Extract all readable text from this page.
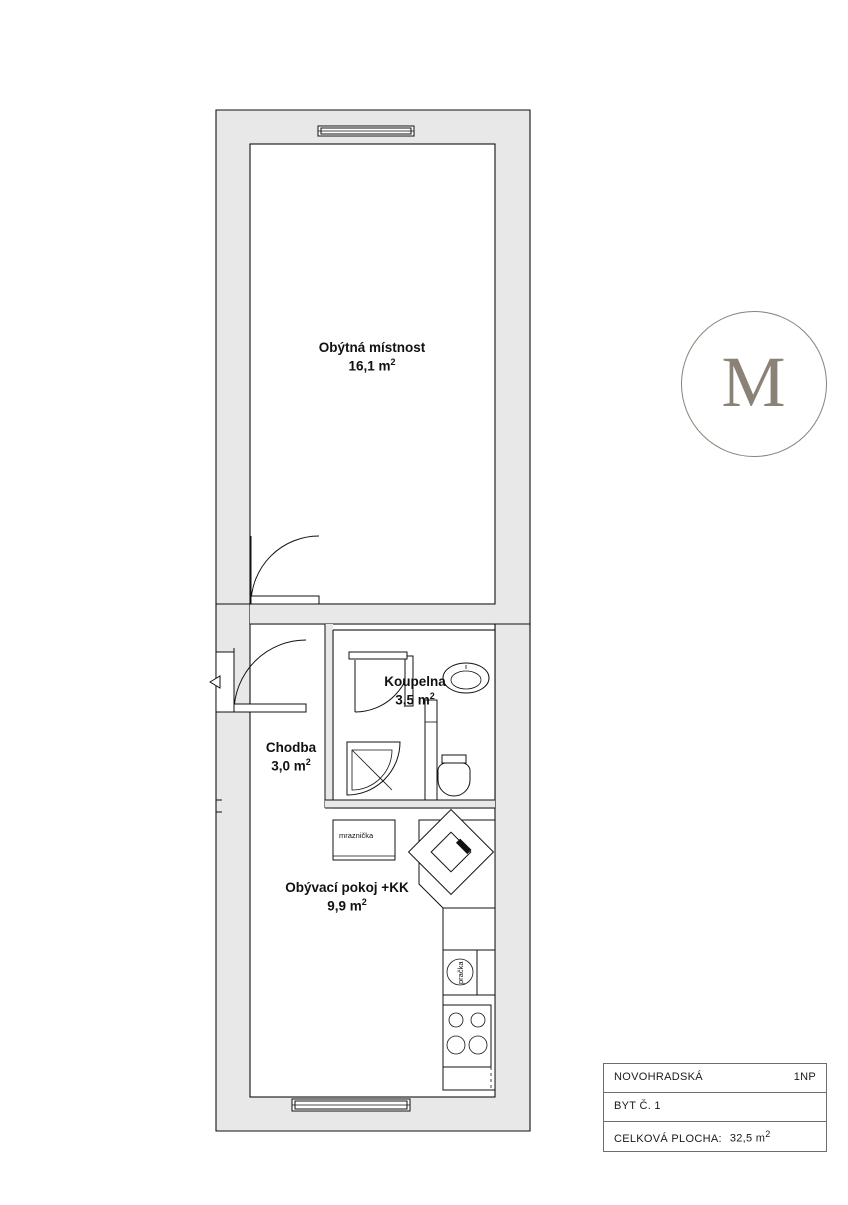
Obýtná místnost
16,1 $m^2$
Koupelna
3,5 $m^2$
Chodba
3,0 $m^2$
Obývací pokoj +KK
9,9 $m^2$
mraznička
pračka
M
NOVOHRADSKÁ	1NP
BYT Č. 1
CELKOVÁ PLOCHA: 32,5 $m^2$
